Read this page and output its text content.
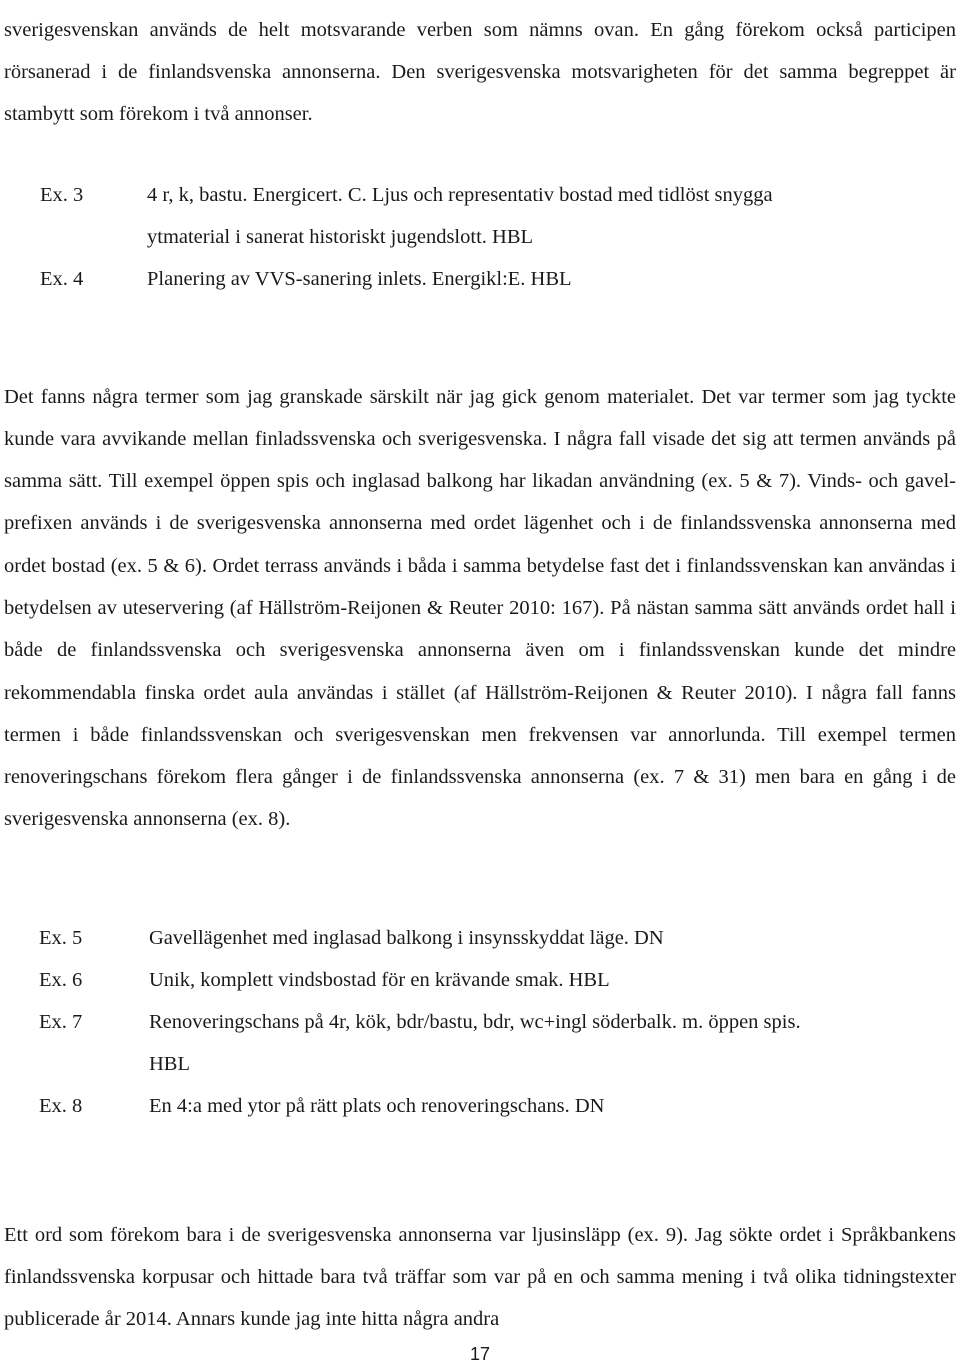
sverigesvenskan används de helt motsvarande verben som nämns ovan. En gång förekom också participen rörsanerad i de finlandsvenska annonserna. Den sverigesvenska motsvarigheten för det samma begreppet är stambytt som förekom i två annonser.

Ex. 3	4 r, k, bastu. Energicert. C. Ljus och representativ bostad med tidlöst snygga
ytmaterial i sanerat historiskt jugendslott. HBL
Ex. 4	Planering av VVS-sanering inlets. Energikl:E. HBL

Det fanns några termer som jag granskade särskilt när jag gick genom materialet. Det var termer som jag tyckte kunde vara avvikande mellan finladssvenska och sverigesvenska. I några fall visade det sig att termen används på samma sätt. Till exempel öppen spis och inglasad balkong har likadan användning (ex. 5 & 7). Vinds- och gavel- prefixen används i de sverigesvenska annonserna med ordet lägenhet och i de finlandssvenska annonserna med ordet bostad (ex. 5 & 6). Ordet terrass används i båda i samma betydelse fast det i finlandssvenskan kan användas i betydelsen av uteservering (af Hällström-Reijonen & Reuter 2010: 167). På nästan samma sätt används ordet hall i både de finlandssvenska och sverigesvenska annonserna även om i finlandssvenskan kunde det mindre rekommendabla finska ordet aula användas i stället (af Hällström-Reijonen & Reuter 2010). I några fall fanns termen i både finlandssvenskan och sverigesvenskan men frekvensen var annorlunda. Till exempel termen renoveringschans förekom flera gånger i de finlandssvenska annonserna (ex. 7 & 31) men bara en gång i de sverigesvenska annonserna (ex. 8).

Ex. 5	Gavellägenhet med inglasad balkong i insynsskyddat läge. DN
Ex. 6	Unik, komplett vindsbostad för en krävande smak. HBL
Ex. 7	Renoveringschans på 4r, kök, bdr/bastu, bdr, wc+ingl söderbalk. m. öppen spis.
HBL
Ex. 8	En 4:a med ytor på rätt plats och renoveringschans. DN

Ett ord som förekom bara i de sverigesvenska annonserna var ljusinsläpp (ex. 9). Jag sökte ordet i Språkbankens finlandssvenska korpusar och hittade bara två träffar som var på en och samma mening i två olika tidningstexter publicerade år 2014. Annars kunde jag inte hitta några andra

17
